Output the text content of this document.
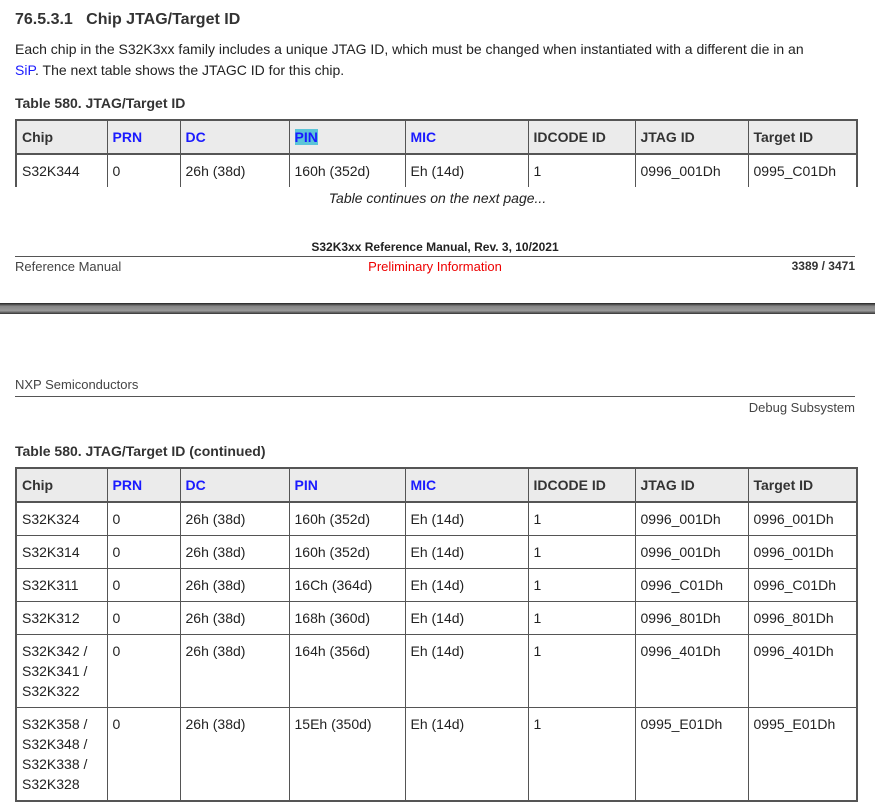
76.5.3.1 Chip JTAG/Target ID
Each chip in the S32K3xx family includes a unique JTAG ID, which must be changed when instantiated with a different die in an
SiP. The next table shows the JTAGC ID for this chip.
Table 580. JTAG/Target ID
Chip	PRN	DC	PIN	MIC	IDCODE ID	JTAG ID	Target ID
S32K344	0	26h (38d)	160h (352d)	Eh (14d)	1	0996_001Dh	0995_C01Dh
Table continues on the next page...
S32K3xx Reference Manual, Rev. 3, 10/2021
Reference Manual	Preliminary Information	3389 / 3471
NXP Semiconductors
Debug Subsystem
Table 580. JTAG/Target ID (continued)
Chip	PRN	DC	PIN	MIC	IDCODE ID	JTAG ID	Target ID
S32K324	0	26h (38d)	160h (352d)	Eh (14d)	1	0996_001Dh	0996_001Dh
S32K314	0	26h (38d)	160h (352d)	Eh (14d)	1	0996_001Dh	0996_001Dh
S32K311	0	26h (38d)	16Ch (364d)	Eh (14d)	1	0996_C01Dh	0996_C01Dh
S32K312	0	26h (38d)	168h (360d)	Eh (14d)	1	0996_801Dh	0996_801Dh
S32K342 /
S32K341 /
S32K322	0	26h (38d)	164h (356d)	Eh (14d)	1	0996_401Dh	0996_401Dh
S32K358 /
S32K348 /
S32K338 /
S32K328	0	26h (38d)	15Eh (350d)	Eh (14d)	1	0995_E01Dh	0995_E01Dh
